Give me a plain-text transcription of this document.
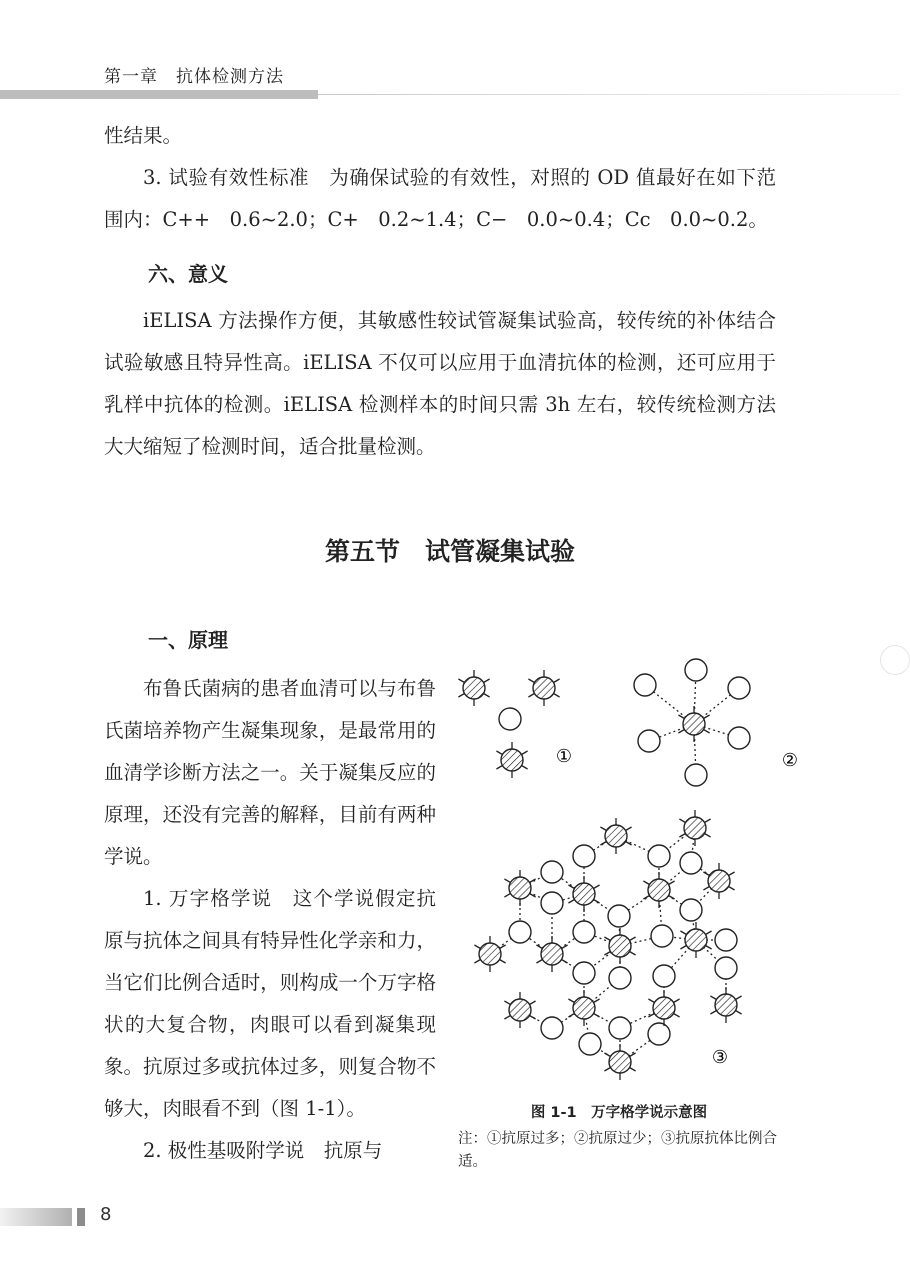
第一章　抗体检测方法

性结果。

3. 试验有效性标准　为确保试验的有效性，对照的 OD 值最好在如下范围内：C++　0.6~2.0；C+　0.2~1.4；C−　0.0~0.4；Cc　0.0~0.2。

六、意义

iELISA 方法操作方便，其敏感性较试管凝集试验高，较传统的补体结合试验敏感且特异性高。iELISA 不仅可以应用于血清抗体的检测，还可应用于乳样中抗体的检测。iELISA 检测样本的时间只需 3h 左右，较传统检测方法大大缩短了检测时间，适合批量检测。

第五节　试管凝集试验

一、原理

布鲁氏菌病的患者血清可以与布鲁氏菌培养物产生凝集现象，是最常用的血清学诊断方法之一。关于凝集反应的原理，还没有完善的解释，目前有两种学说。

1. 万字格学说　这个学说假定抗原与抗体之间具有特异性化学亲和力，当它们比例合适时，则构成一个万字格状的大复合物，肉眼可以看到凝集现象。抗原过多或抗体过多，则复合物不够大，肉眼看不到（图 1-1）。

2. 极性基吸附学说　抗原与

①	②
③

图 1-1　万字格学说示意图

注：①抗原过多；②抗原过少；③抗原抗体比例合适。

8
